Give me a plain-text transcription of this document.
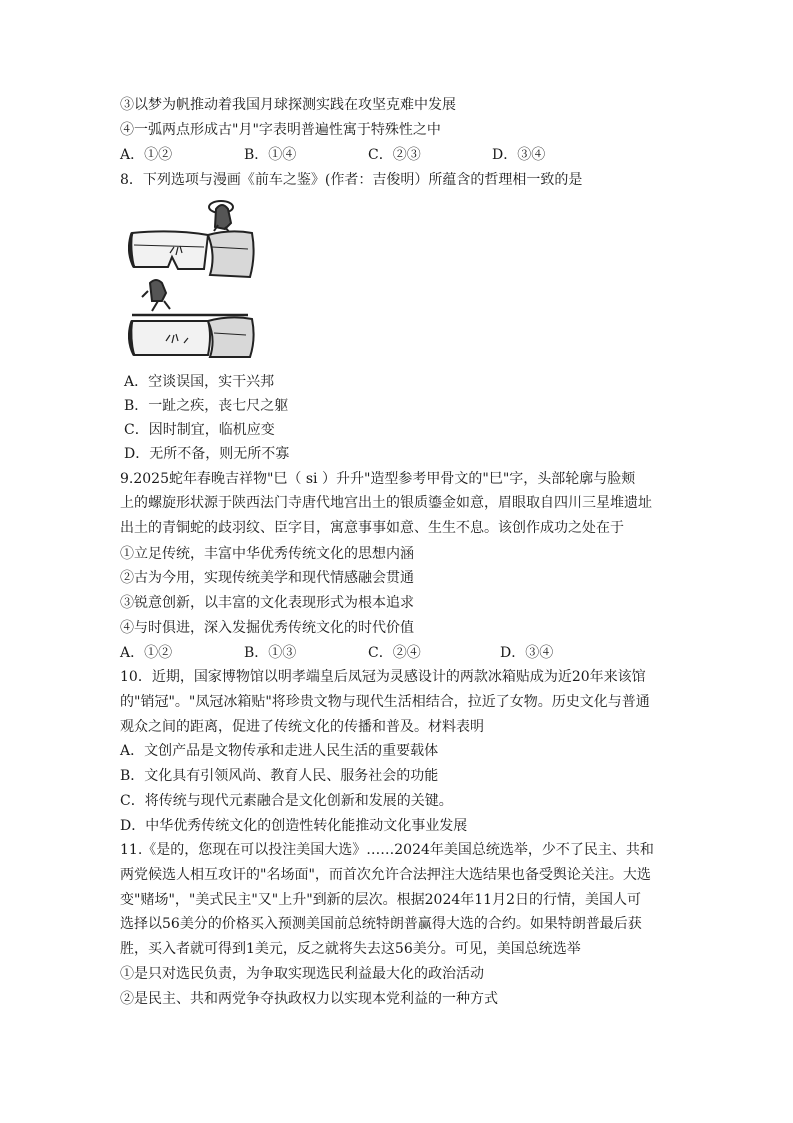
③以梦为帆推动着我国月球探测实践在攻坚克难中发展
④一弧两点形成古"月"字表明普遍性寓于特殊性之中
A．①②	B．①④	C．②③	D．③④
8．下列选项与漫画《前车之鉴》(作者：吉俊明）所蕴含的哲理相一致的是
A．空谈误国，实干兴邦
B．一趾之疾，丧七尺之躯
C．因时制宜，临机应变
D．无所不备，则无所不寡
9.2025蛇年春晚吉祥物"巳（ si ）升升"造型参考甲骨文的"巳"字，头部轮廓与脸颊
上的螺旋形状源于陕西法门寺唐代地宫出土的银质鎏金如意，眉眼取自四川三星堆遗址
出土的青铜蛇的歧羽纹、臣字目，寓意事事如意、生生不息。该创作成功之处在于
①立足传统，丰富中华优秀传统文化的思想内涵
②古为今用，实现传统美学和现代情感融会贯通
③锐意创新，以丰富的文化表现形式为根本追求
④与时俱进，深入发掘优秀传统文化的时代价值
A．①②	B．①③	C．②④	D．③④
10．近期，国家博物馆以明孝端皇后凤冠为灵感设计的两款冰箱贴成为近20年来该馆
的"销冠"。"凤冠冰箱贴"将珍贵文物与现代生活相结合，拉近了女物。历史文化与普通
观众之间的距离，促进了传统文化的传播和普及。材料表明
A．文创产品是文物传承和走进人民生活的重要载体
B．文化具有引领风尚、教育人民、服务社会的功能
C．将传统与现代元素融合是文化创新和发展的关键。
D．中华优秀传统文化的创造性转化能推动文化事业发展
11.《是的，您现在可以投注美国大选》……2024年美国总统选举，少不了民主、共和
两党候选人相互攻讦的"名场面"，而首次允许合法押注大选结果也备受舆论关注。大选
变"赌场"，"美式民主"又"上升"到新的层次。根据2024年11月2日的行情，美国人可
选择以56美分的价格买入预测美国前总统特朗普赢得大选的合约。如果特朗普最后获
胜，买入者就可得到1美元，反之就将失去这56美分。可见，美国总统选举
①是只对选民负责，为争取实现选民利益最大化的政治活动
②是民主、共和两党争夺执政权力以实现本党利益的一种方式
